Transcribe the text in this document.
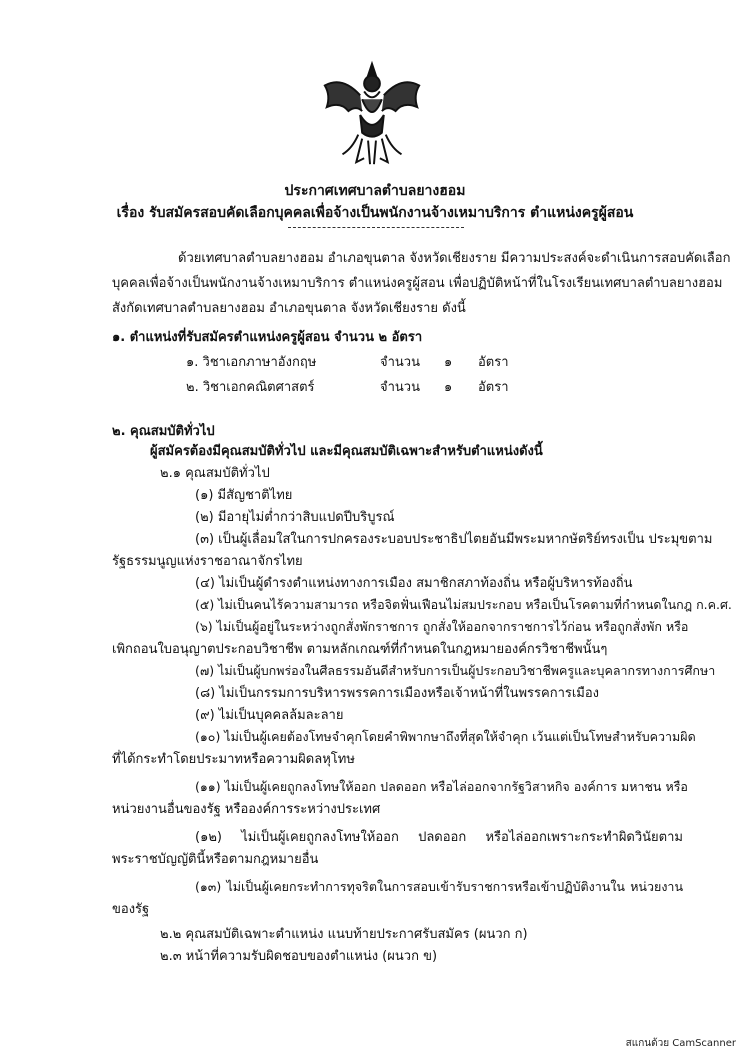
ประกาศเทศบาลตำบลยางฮอม
เรื่อง รับสมัครสอบคัดเลือกบุคคลเพื่อจ้างเป็นพนักงานจ้างเหมาบริการ ตำแหน่งครูผู้สอน
ด้วยเทศบาลตำบลยางฮอม อำเภอขุนตาล จังหวัดเชียงราย มีความประสงค์จะดำเนินการสอบคัดเลือก
บุคคลเพื่อจ้างเป็นพนักงานจ้างเหมาบริการ ตำแหน่งครูผู้สอน เพื่อปฏิบัติหน้าที่ในโรงเรียนเทศบาลตำบลยางฮอม
สังกัดเทศบาลตำบลยางฮอม อำเภอขุนตาล จังหวัดเชียงราย ดังนี้
๑. ตำแหน่งที่รับสมัครตำแหน่งครูผู้สอน จำนวน ๒ อัตรา
๑. วิชาเอกภาษาอังกฤษ	จำนวน ๑ อัตรา
๒. วิชาเอกคณิตศาสตร์	จำนวน ๑ อัตรา
๒. คุณสมบัติทั่วไป
ผู้สมัครต้องมีคุณสมบัติทั่วไป และมีคุณสมบัติเฉพาะสำหรับตำแหน่งดังนี้
๒.๑ คุณสมบัติทั่วไป
(๑) มีสัญชาติไทย
(๒) มีอายุไม่ต่ำกว่าสิบแปดปีบริบูรณ์
(๓) เป็นผู้เลื่อมใสในการปกครองระบอบประชาธิปไตยอันมีพระมหากษัตริย์ทรงเป็น ประมุขตาม
รัฐธรรมนูญแห่งราชอาณาจักรไทย
(๔) ไม่เป็นผู้ดำรงตำแหน่งทางการเมือง สมาชิกสภาท้องถิ่น หรือผู้บริหารท้องถิ่น
(๕) ไม่เป็นคนไร้ความสามารถ หรือจิตฟั่นเฟือนไม่สมประกอบ หรือเป็นโรคตามที่กำหนดในกฎ ก.ค.ศ.
(๖) ไม่เป็นผู้อยู่ในระหว่างถูกสั่งพักราชการ ถูกสั่งให้ออกจากราชการไว้ก่อน หรือถูกสั่งพัก หรือ
เพิกถอนใบอนุญาตประกอบวิชาชีพ ตามหลักเกณฑ์ที่กำหนดในกฎหมายองค์กรวิชาชีพนั้นๆ
(๗) ไม่เป็นผู้บกพร่องในศีลธรรมอันดีสำหรับการเป็นผู้ประกอบวิชาชีพครูและบุคลากรทางการศึกษา
(๘) ไม่เป็นกรรมการบริหารพรรคการเมืองหรือเจ้าหน้าที่ในพรรคการเมือง
(๙) ไม่เป็นบุคคลล้มละลาย
(๑๐) ไม่เป็นผู้เคยต้องโทษจำคุกโดยคำพิพากษาถึงที่สุดให้จำคุก เว้นแต่เป็นโทษสำหรับความผิด
ที่ได้กระทำโดยประมาทหรือความผิดลหุโทษ
(๑๑) ไม่เป็นผู้เคยถูกลงโทษให้ออก ปลดออก หรือไล่ออกจากรัฐวิสาหกิจ องค์การ มหาชน หรือ
หน่วยงานอื่นของรัฐ หรือองค์การระหว่างประเทศ
(๑๒) ไม่เป็นผู้เคยถูกลงโทษให้ออก ปลดออก หรือไล่ออกเพราะกระทำผิดวินัยตาม
พระราชบัญญัตินี้หรือตามกฎหมายอื่น
(๑๓) ไม่เป็นผู้เคยกระทำการทุจริตในการสอบเข้ารับราชการหรือเข้าปฏิบัติงานใน หน่วยงาน
ของรัฐ
๒.๒ คุณสมบัติเฉพาะตำแหน่ง แนบท้ายประกาศรับสมัคร (ผนวก ก)
๒.๓ หน้าที่ความรับผิดชอบของตำแหน่ง (ผนวก ข)
สแกนด้วย CamScanner
